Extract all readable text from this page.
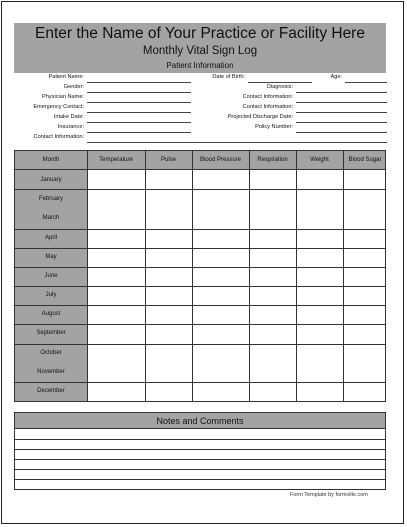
Enter the Name of Your Practice or Facility Here
Monthly Vital Sign Log
Patient Information
Patient Name:
Gender:
Physician Name:
Emergency Contact:
Intake Date:
Insurance:
Contact Information:
Date of Birth:	Age:
Diagnosis:
Contact Information:
Contact Information:
Projected Discharge Date:
Policy Number:
Month	Temperature	Pulse	Blood Pressure	Respiration	Weight	Blood Sugar
January
February
March
April
May
June
July
August
September
October
November
December
Notes and Comments
Form Template by formville.com
